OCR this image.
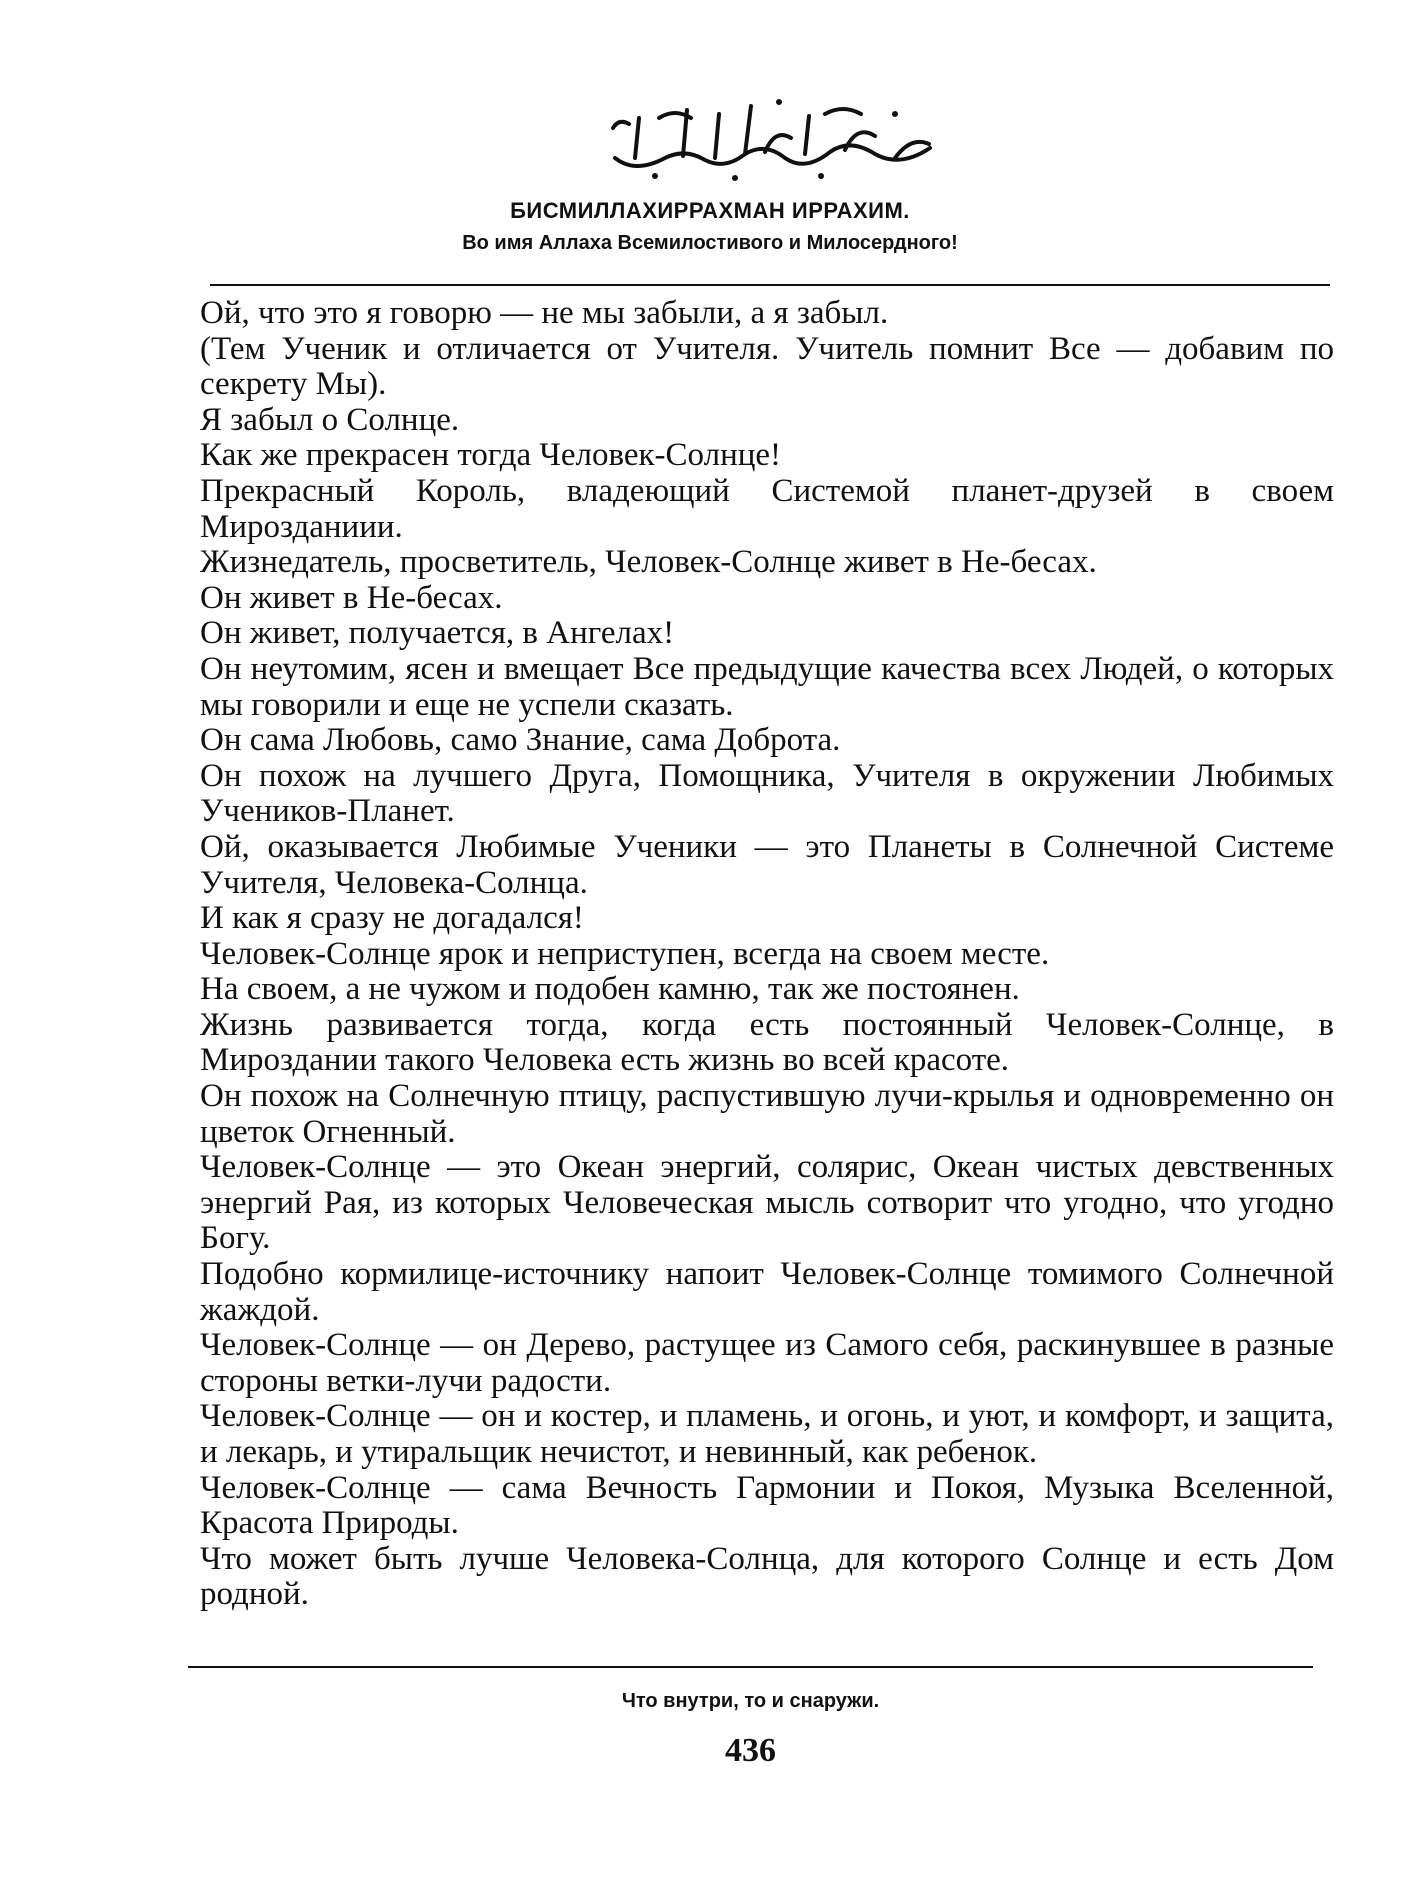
БИСМИЛЛАХИРРАХМАН ИРРАХИМ.
Во имя Аллаха Всемилостивого и Милосердного!

Ой, что это я говорю — не мы забыли, а я забыл.

(Тем Ученик и отличается от Учителя. Учитель помнит Все — добавим по секрету Мы).

Я забыл о Солнце.

Как же прекрасен тогда Человек-Солнце!

Прекрасный Король, владеющий Системой планет-друзей в своем Мирозданиии.

Жизнедатель, просветитель, Человек-Солнце живет в Не-бесах.

Он живет в Не-бесах.

Он живет, получается, в Ангелах!

Он неутомим, ясен и вмещает Все предыдущие качества всех Людей, о которых мы говорили и еще не успели сказать.

Он сама Любовь, само Знание, сама Доброта.

Он похож на лучшего Друга, Помощника, Учителя в окружении Любимых Учеников-Планет.

Ой, оказывается Любимые Ученики — это Планеты в Солнечной Системе Учителя, Человека-Солнца.

И как я сразу не догадался!

Человек-Солнце ярок и неприступен, всегда на своем месте.

На своем, а не чужом и подобен камню, так же постоянен.

Жизнь развивается тогда, когда есть постоянный Человек-Солнце, в Мироздании такого Человека есть жизнь во всей красоте.

Он похож на Солнечную птицу, распустившую лучи-крылья и одновременно он цветок Огненный.

Человек-Солнце — это Океан энергий, солярис, Океан чистых девственных энергий Рая, из которых Человеческая мысль сотворит что угодно, что угодно Богу.

Подобно кормилице-источнику напоит Человек-Солнце томимого Солнечной жаждой.

Человек-Солнце — он Дерево, растущее из Самого себя, раскинувшее в разные стороны ветки-лучи радости.

Человек-Солнце — он и костер, и пламень, и огонь, и уют, и комфорт, и защита, и лекарь, и утиральщик нечистот, и невинный, как ребенок.

Человек-Солнце — сама Вечность Гармонии и Покоя, Музыка Вселенной, Красота Природы.

Что может быть лучше Человека-Солнца, для которого Солнце и есть Дом родной.

Что внутри, то и снаружи.
436
